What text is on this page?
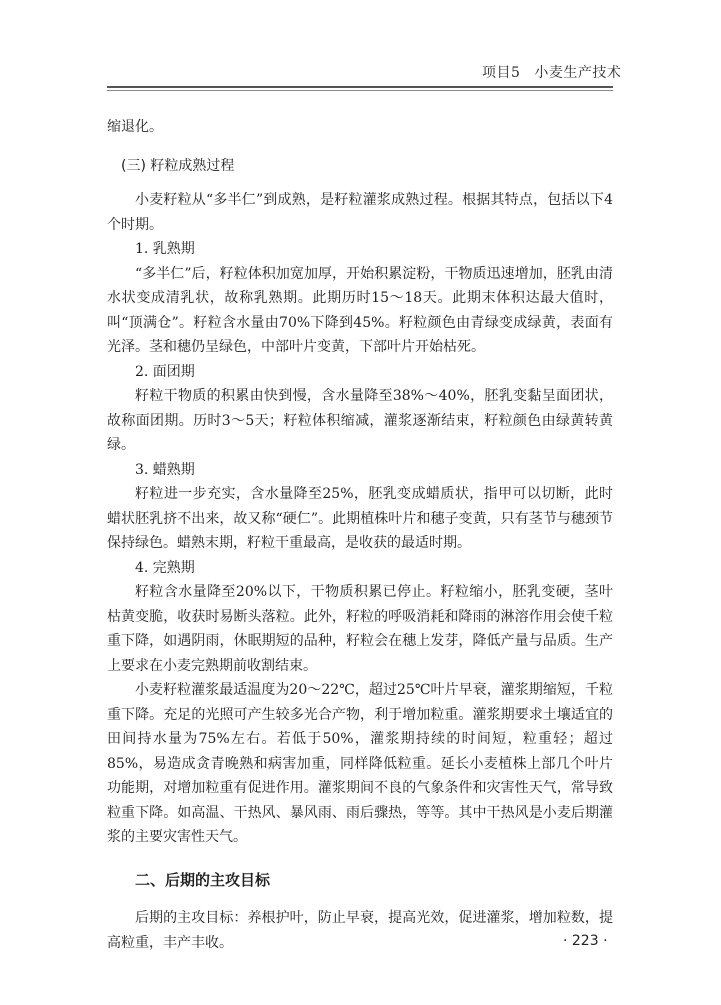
项目5 小麦生产技术

缩退化。

(三) 籽粒成熟过程

小麦籽粒从“多半仁”到成熟，是籽粒灌浆成熟过程。根据其特点，包括以下4个时期。

1. 乳熟期

“多半仁”后，籽粒体积加宽加厚，开始积累淀粉，干物质迅速增加，胚乳由清水状变成清乳状，故称乳熟期。此期历时15～18天。此期末体积达最大值时，叫“顶满仓”。籽粒含水量由70%下降到45%。籽粒颜色由青绿变成绿黄，表面有光泽。茎和穗仍呈绿色，中部叶片变黄，下部叶片开始枯死。

2. 面团期

籽粒干物质的积累由快到慢，含水量降至38%～40%，胚乳变黏呈面团状，故称面团期。历时3～5天；籽粒体积缩减，灌浆逐渐结束，籽粒颜色由绿黄转黄绿。

3. 蜡熟期

籽粒进一步充实，含水量降至25%，胚乳变成蜡质状，指甲可以切断，此时蜡状胚乳挤不出来，故又称“硬仁”。此期植株叶片和穗子变黄，只有茎节与穗颈节保持绿色。蜡熟末期，籽粒干重最高，是收获的最适时期。

4. 完熟期

籽粒含水量降至20%以下，干物质积累已停止。籽粒缩小，胚乳变硬，茎叶枯黄变脆，收获时易断头落粒。此外，籽粒的呼吸消耗和降雨的淋溶作用会使千粒重下降，如遇阴雨，休眠期短的品种，籽粒会在穗上发芽，降低产量与品质。生产上要求在小麦完熟期前收割结束。

小麦籽粒灌浆最适温度为20～22℃，超过25℃叶片早衰，灌浆期缩短，千粒重下降。充足的光照可产生较多光合产物，利于增加粒重。灌浆期要求土壤适宜的田间持水量为75%左右。若低于50%，灌浆期持续的时间短，粒重轻；超过85%，易造成贪青晚熟和病害加重，同样降低粒重。延长小麦植株上部几个叶片功能期，对增加粒重有促进作用。灌浆期间不良的气象条件和灾害性天气，常导致粒重下降。如高温、干热风、暴风雨、雨后骤热，等等。其中干热风是小麦后期灌浆的主要灾害性天气。

二、后期的主攻目标

后期的主攻目标：养根护叶，防止早衰，提高光效，促进灌浆，增加粒数，提高粒重，丰产丰收。	· 223 ·
